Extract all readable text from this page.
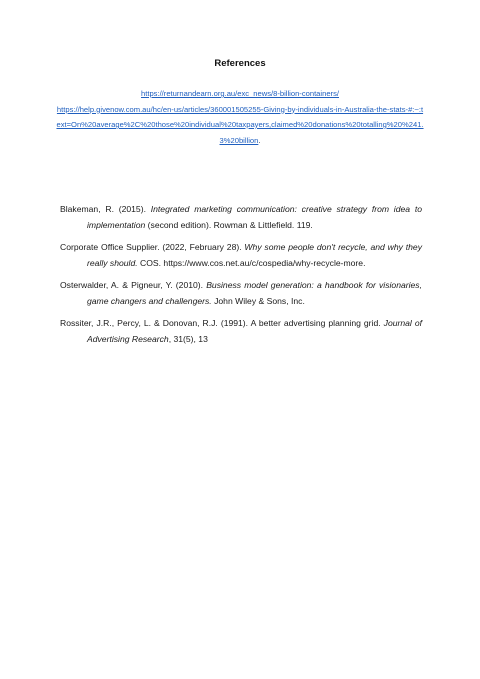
References
https://returnandearn.org.au/exc_news/8-billion-containers/
https://help.givenow.com.au/hc/en-us/articles/360001505255-Giving-by-individuals-in-Australia-the-stats-#:~:text=On%20average%2C%20those%20individual%20taxpayers,claimed%20donations%20totalling%20%241.3%20billion.

Blakeman, R. (2015). Integrated marketing communication: creative strategy from idea to implementation (second edition). Rowman & Littlefield. 119.

Corporate Office Supplier. (2022, February 28). Why some people don't recycle, and why they really should. COS. https://www.cos.net.au/c/cospedia/why-recycle-more.

Osterwalder, A. & Pigneur, Y. (2010). Business model generation: a handbook for visionaries, game changers and challengers. John Wiley & Sons, Inc.

Rossiter, J.R., Percy, L. & Donovan, R.J. (1991). A better advertising planning grid. Journal of Advertising Research, 31(5), 13
